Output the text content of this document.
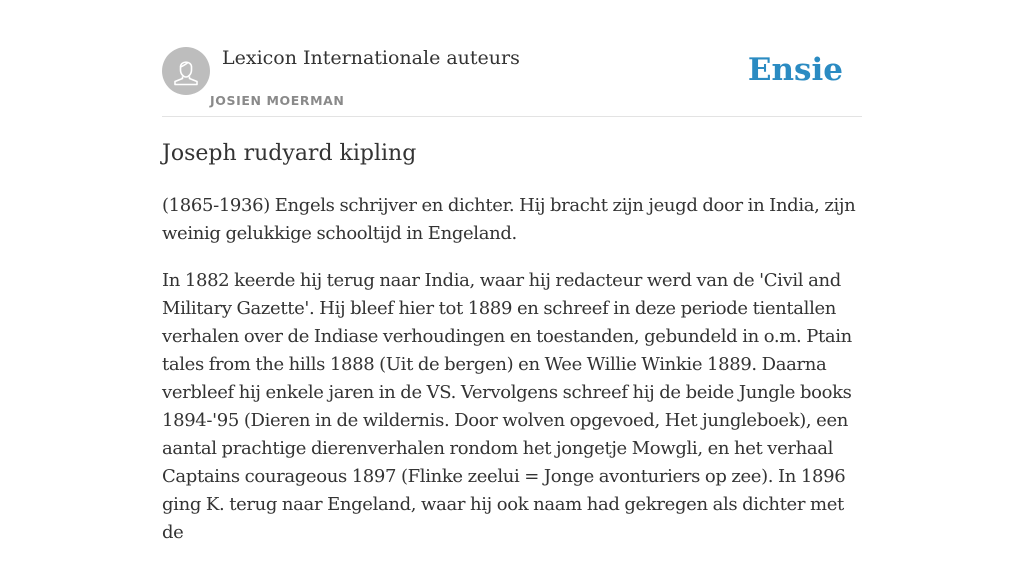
Lexicon Internationale auteurs
JOSIEN MOERMAN
Ensie
Joseph rudyard kipling

(1865-1936) Engels schrijver en dichter. Hij bracht zijn jeugd door in India, zijn weinig gelukkige schooltijd in Engeland.

In 1882 keerde hij terug naar India, waar hij redacteur werd van de 'Civil and Military Gazette'. Hij bleef hier tot 1889 en schreef in deze periode tientallen verhalen over de Indiase verhoudingen en toestanden, gebundeld in o.m. Ptain tales from the hills 1888 (Uit de bergen) en Wee Willie Winkie 1889. Daarna verbleef hij enkele jaren in de VS. Vervolgens schreef hij de beide Jungle books 1894-'95 (Dieren in de wildernis. Door wolven opgevoed, Het jungleboek), een aantal prachtige dierenverhalen rondom het jongetje Mowgli, en het verhaal Captains courageous 1897 (Flinke zeelui = Jonge avonturiers op zee). In 1896 ging K. terug naar Engeland, waar hij ook naam had gekregen als dichter met de
